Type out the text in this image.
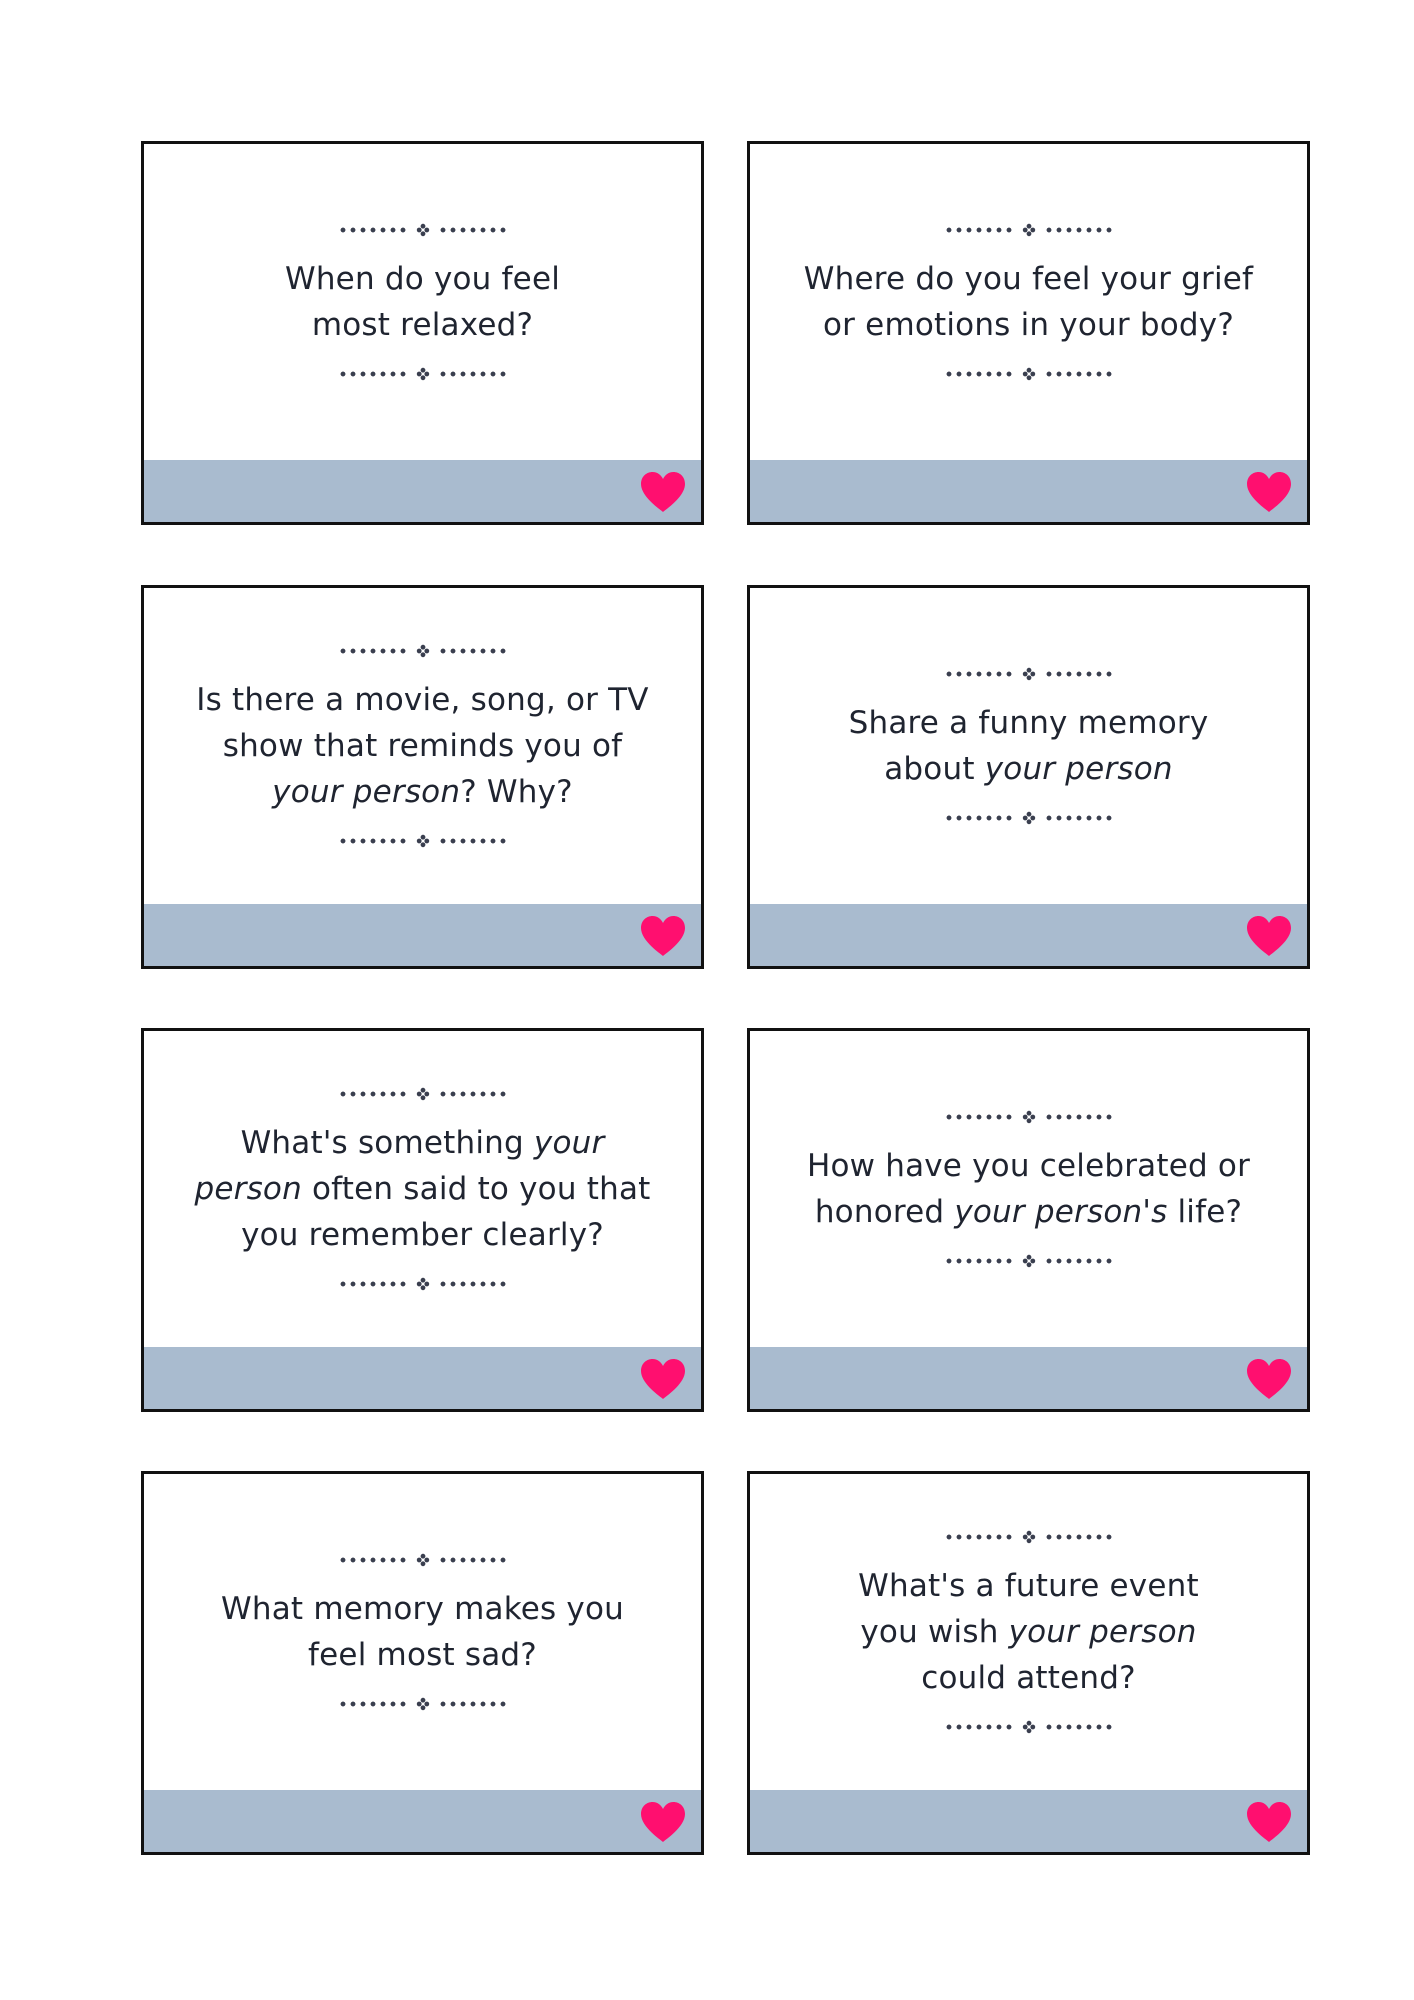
When do you feel
most relaxed?
Where do you feel your grief
or emotions in your body?
Is there a movie, song, or TV
show that reminds you of
your person? Why?
Share a funny memory
about your person
What's something your
person often said to you that
you remember clearly?
How have you celebrated or
honored your person's life?
What memory makes you
feel most sad?
What's a future event
you wish your person
could attend?
